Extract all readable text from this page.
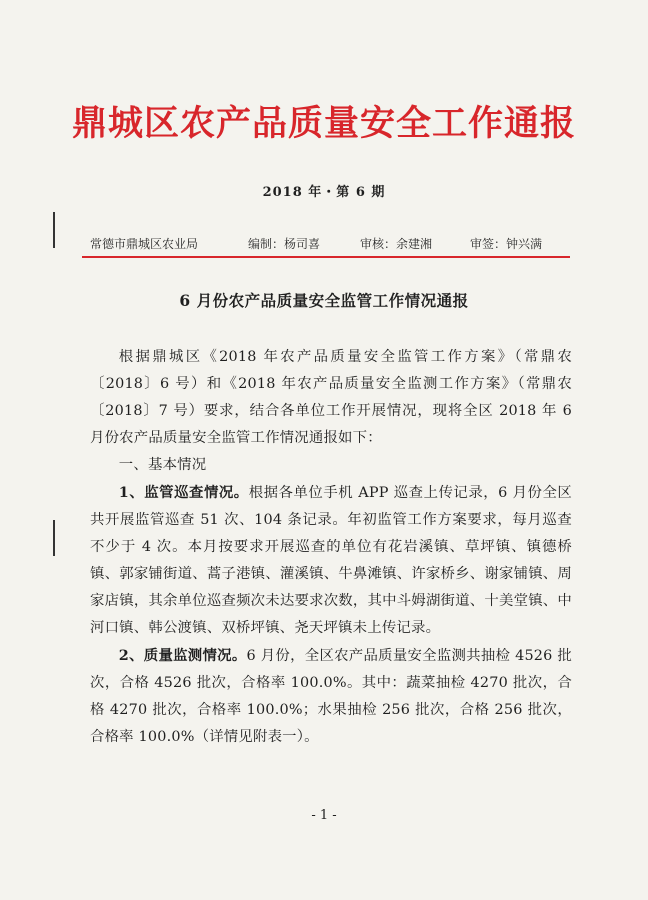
鼎城区农产品质量安全工作通报
2018 年・第 6 期
常德市鼎城区农业局	编制：杨司喜	审核：余建湘	审签：钟兴满
6 月份农产品质量安全监管工作情况通报

根据鼎城区《2018 年农产品质量安全监管工作方案》（常鼎农〔2018〕6 号）和《2018 年农产品质量安全监测工作方案》（常鼎农〔2018〕7 号）要求，结合各单位工作开展情况，现将全区 2018 年 6 月份农产品质量安全监管工作情况通报如下：

一、基本情况

1、监管巡查情况。根据各单位手机 APP 巡查上传记录，6 月份全区共开展监管巡查 51 次、104 条记录。年初监管工作方案要求，每月巡查不少于 4 次。本月按要求开展巡查的单位有花岩溪镇、草坪镇、镇德桥镇、郭家铺街道、蒿子港镇、灌溪镇、牛鼻滩镇、许家桥乡、谢家铺镇、周家店镇，其余单位巡查频次未达要求次数，其中斗姆湖街道、十美堂镇、中河口镇、韩公渡镇、双桥坪镇、尧天坪镇未上传记录。

2、质量监测情况。6 月份，全区农产品质量安全监测共抽检 4526 批次，合格 4526 批次，合格率 100.0%。其中：蔬菜抽检 4270 批次，合格 4270 批次，合格率 100.0%；水果抽检 256 批次，合格 256 批次，合格率 100.0%（详情见附表一）。

- 1 -
